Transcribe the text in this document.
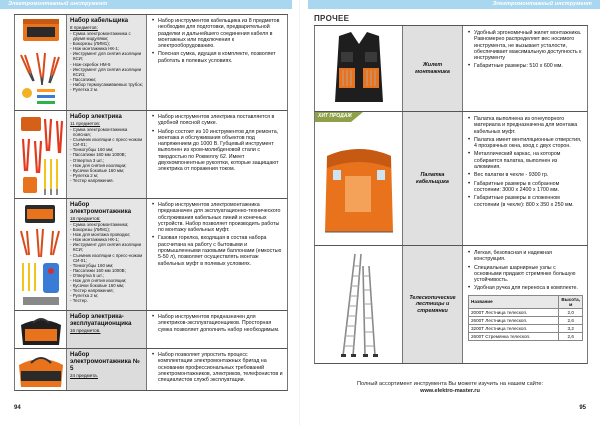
Электромонтажный инструмент
Набор кабельщика
8 предметов:
- Сумка электромонтажника с двумя модулями;
- Бокорезы (ЛИМ1);
- Нож монтажника НК-1;
- Инструмент для снятия изоляции КСИ;
- Нож-скребок НМ-5
- Инструмент для снятия изоляции КСИ1;
- Пассатижи;
- Набор термоусаживаемых трубок;
- Рулетка 2 м.
• Набор инструментов кабельщика из 8 предметов необходим для подготовки, предварительной разделки и дальнейшего соединения кабеля в монтажных или подключения к электрооборудованию.
• Поясная сумка, идущая в комплекте, позволяет работать в полевых условиях.
Набор электрика
11 предметов:
- Сумка электромонтажника поясная;
- Съемник изоляции с пресс-ножом СИ-01;
- Тонкогубцы 160 мм;
- Пассатижи 160 мм 1000В;
- Отвертка 3 шт.;
- Нож для снятия изоляции;
- Кусачки боковые 160 мм;
- Рулетка 2 м;
- Тестер напряжения.
• Набор инструментов электрика поставляется в удобной поясной сумке.
• Набор состоит из 10 инструментов для ремонта, монтажа и обслуживания объектов под напряжением до 1000 В. Губцевый инструмент выполнен из хром-молибденовой стали с твердостью по Роквеллу 62. Имеет двухкомпонентные рукоятки, которые защищают электрика от поражения током.
Набор электромонтажника
18 предметов:
- Сумка электромонтажника;
- Бокорезы (ЛИМ1);
- Нож для монтажа проводки;
- Нож монтажника НК-1;
- Инструмент для снятия изоляции КСИ;
- Съемник изоляции с пресс-ножом СИ-01;
- Тонкогубцы 160 мм;
- Пассатижи 160 мм 1000В;
- Отвертка 5 шт.;
- Нож для снятия изоляции;
- Кусачки боковые 160 мм;
- Тестер напряжения;
- Рулетка 2 м;
- Тестер.
• Набор инструментов электромонтажника предназначен для эксплуатационно-технического обслуживания кабельных линий и конечных устройств. Набор позволяет производить работы по монтажу кабельных муфт.
• Газовая горелка, входящая в состав набора рассчитана на работу с бытовыми и промышленными газовыми баллонами (емкостью 5-50 л), позволяет осуществлять монтаж кабельных муфт в полевых условиях.
Набор электрика-эксплуатационщика
16 предметов.
• Набор инструментов предназначен для электриков-эксплуатационщиков. Просторная сумка позволяет дополнить набор необходимым.
Набор электромонтажника № 5
24 предмета.
• Набор позволяет упростить процесс комплектации электромонтажных бригад на основании профессиональных требований электромонтажников, электриков, телефонистов и специалистов служб эксплуатации.
94
Электромонтажный инструмент
ПРОЧЕЕ
Жилет монтажника
• Удобный эргономичный жилет монтажника. Равномерно распределяет вес носимого инструмента, не вызывает усталости, обеспечивает максимальную доступность к инструменту
• Габаритные размеры: 510 х 600 мм.
ХИТ ПРОДАЖ
Палатка кабельщика
• Палатка выполнена из огнеупорного материала и предназначена для монтажа кабельных муфт.
• Палатка имеет вентиляционные отверстия, 4 прозрачных окна, вход с двух сторон.
• Металлический каркас, на котором собирается палатка, выполнен из алюминия.
• Вес палатки в чехле - 9300 гр.
• Габаритные размеры в собранном состоянии: 3000 х 2400 х 1700 мм.
• Габаритные размеры в сложенном состоянии (в чехле): 800 х 350 х 250 мм.
Телескопические лестницы и стремянки
• Легкая, безопасная и надежная конструкция.
• Специальные шарнирные узлы с основными придают стремянке большую устойчивость.
• Удобная ручка для переноса в комплекте.
Название	Высота, м
2000Т Лестница телескоп.	2,0
2600Т Лестница телескоп.	2,6
3200Т Лестница телескоп.	3,2
2600Т Стремянка телескоп.	2,6
95
Полный ассортимент инструмента Вы можете изучить на нашем сайте:
www.elektro-master.ru
